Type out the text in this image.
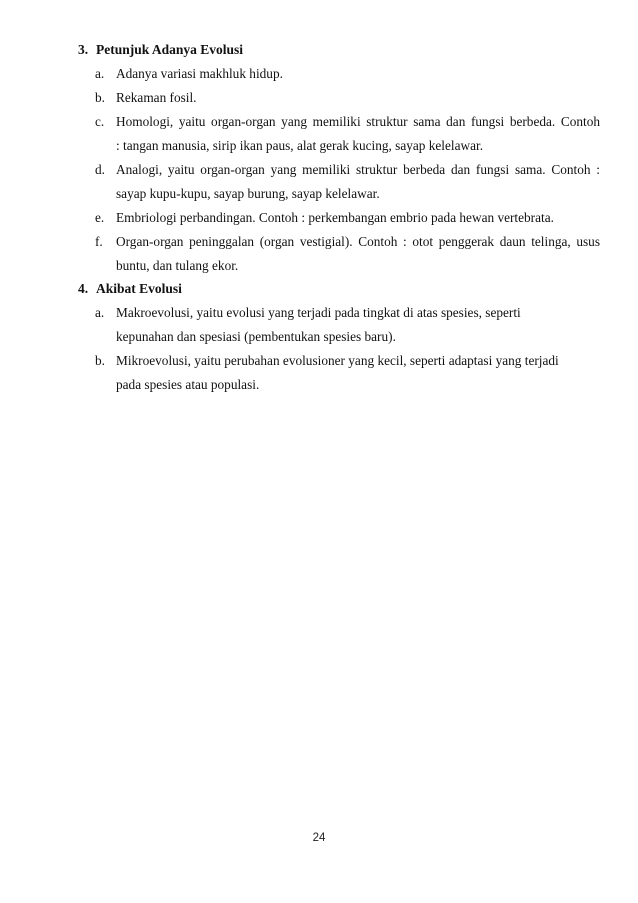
3. Petunjuk Adanya Evolusi
a. Adanya variasi makhluk hidup.
b. Rekaman fosil.
c. Homologi, yaitu organ-organ yang memiliki struktur sama dan fungsi berbeda. Contoh
: tangan manusia, sirip ikan paus, alat gerak kucing, sayap kelelawar.
d. Analogi, yaitu organ-organ yang memiliki struktur berbeda dan fungsi sama. Contoh :
sayap kupu-kupu, sayap burung, sayap kelelawar.
e. Embriologi perbandingan. Contoh : perkembangan embrio pada hewan vertebrata.
f. Organ-organ peninggalan (organ vestigial). Contoh : otot penggerak daun telinga, usus
buntu, dan tulang ekor.
4. Akibat Evolusi
a. Makroevolusi, yaitu evolusi yang terjadi pada tingkat di atas spesies, seperti
kepunahan dan spesiasi (pembentukan spesies baru).
b. Mikroevolusi, yaitu perubahan evolusioner yang kecil, seperti adaptasi yang terjadi
pada spesies atau populasi.
24
